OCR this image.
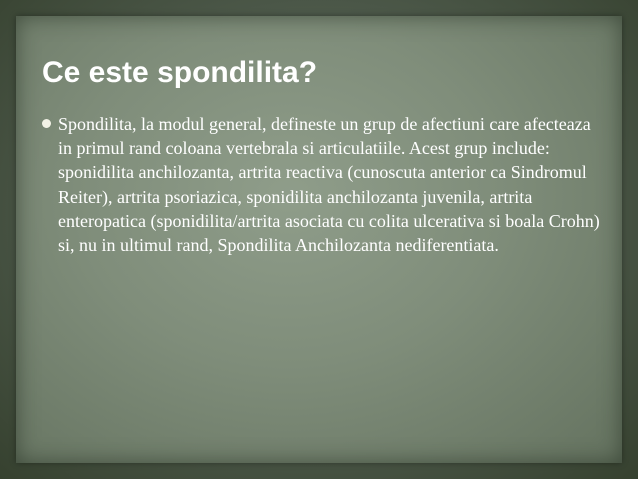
Ce este spondilita?
Spondilita, la modul general, defineste un grup de afectiuni care afecteaza in primul rand coloana vertebrala si articulatiile. Acest grup include: sponidilita anchilozanta, artrita reactiva (cunoscuta anterior ca Sindromul Reiter), artrita psoriazica, sponidilita anchilozanta juvenila, artrita enteropatica (sponidilita/artrita asociata cu colita ulcerativa si boala Crohn) si, nu in ultimul rand, Spondilita Anchilozanta nediferentiata.
